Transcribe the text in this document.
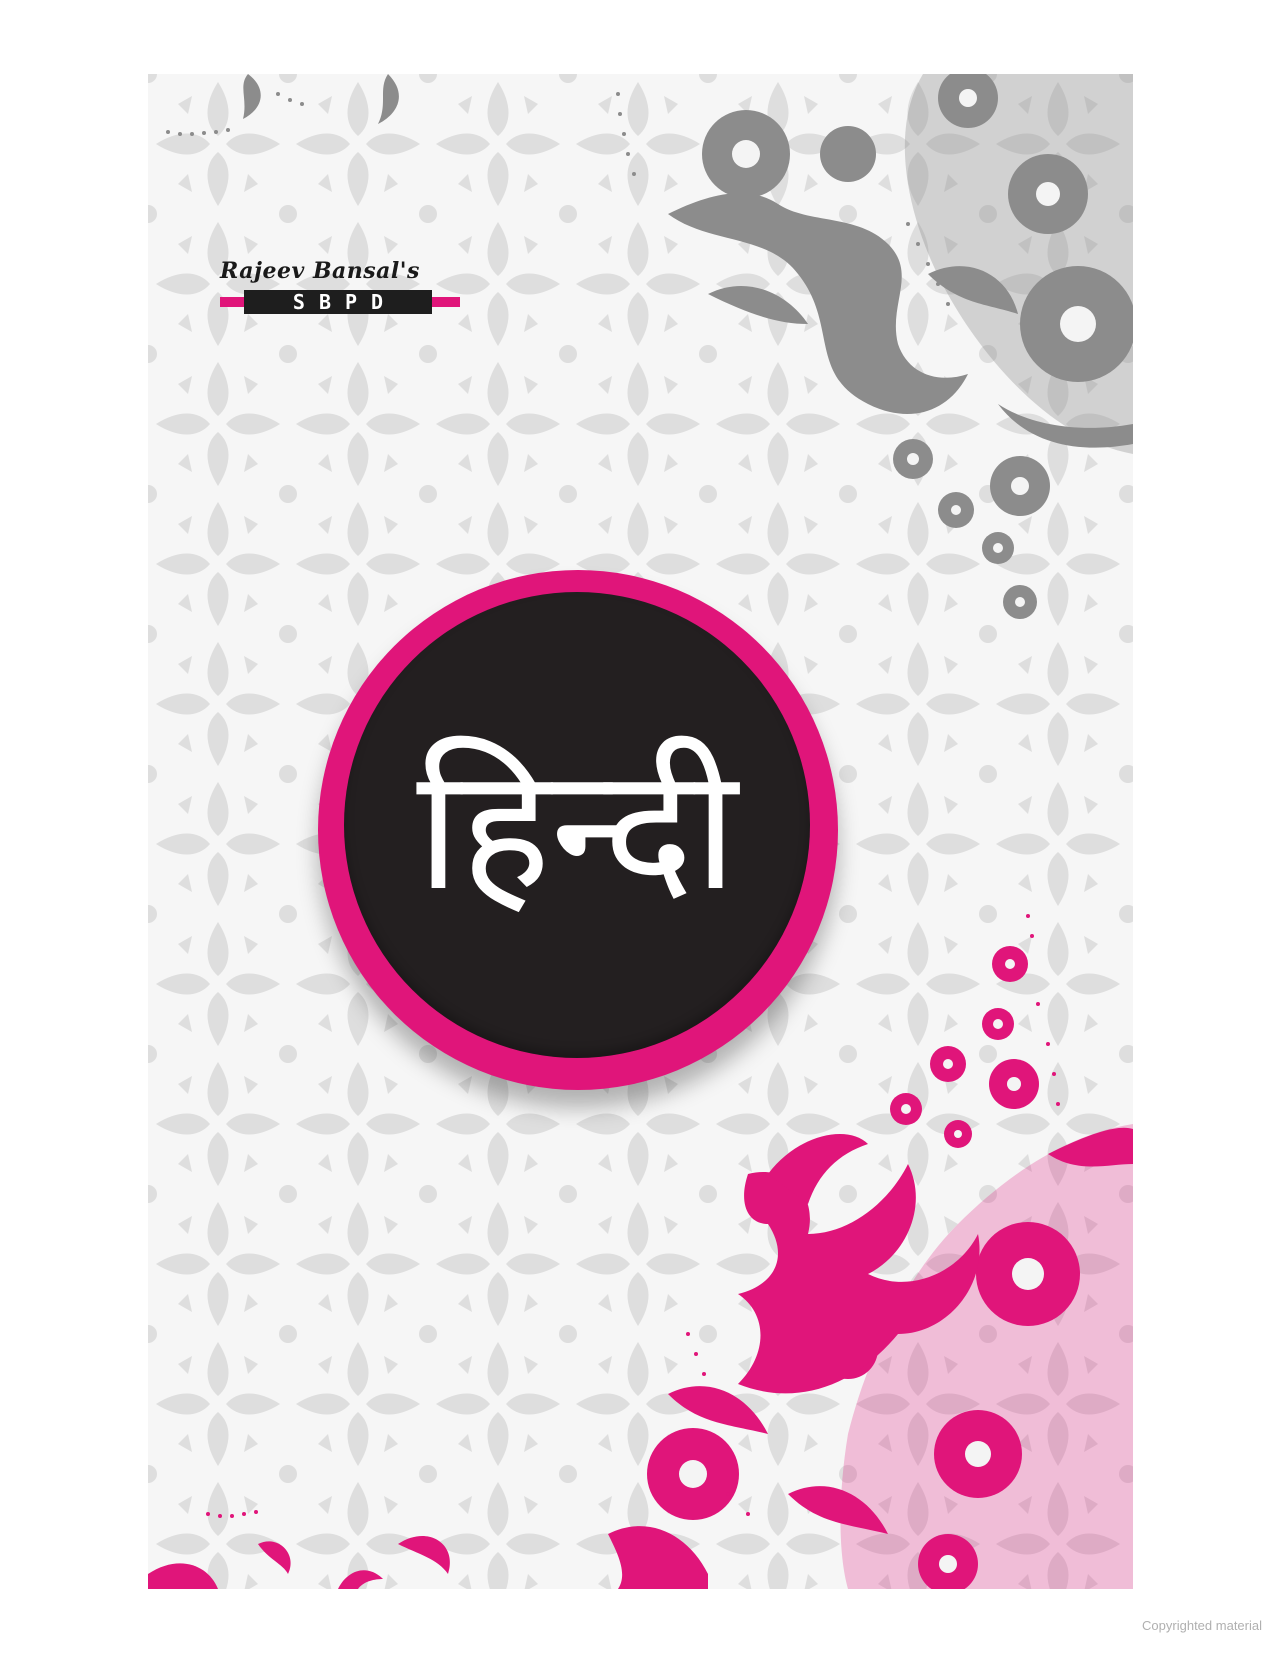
Rajeev Bansal's
SBPD
हिन्दी
Copyrighted material
